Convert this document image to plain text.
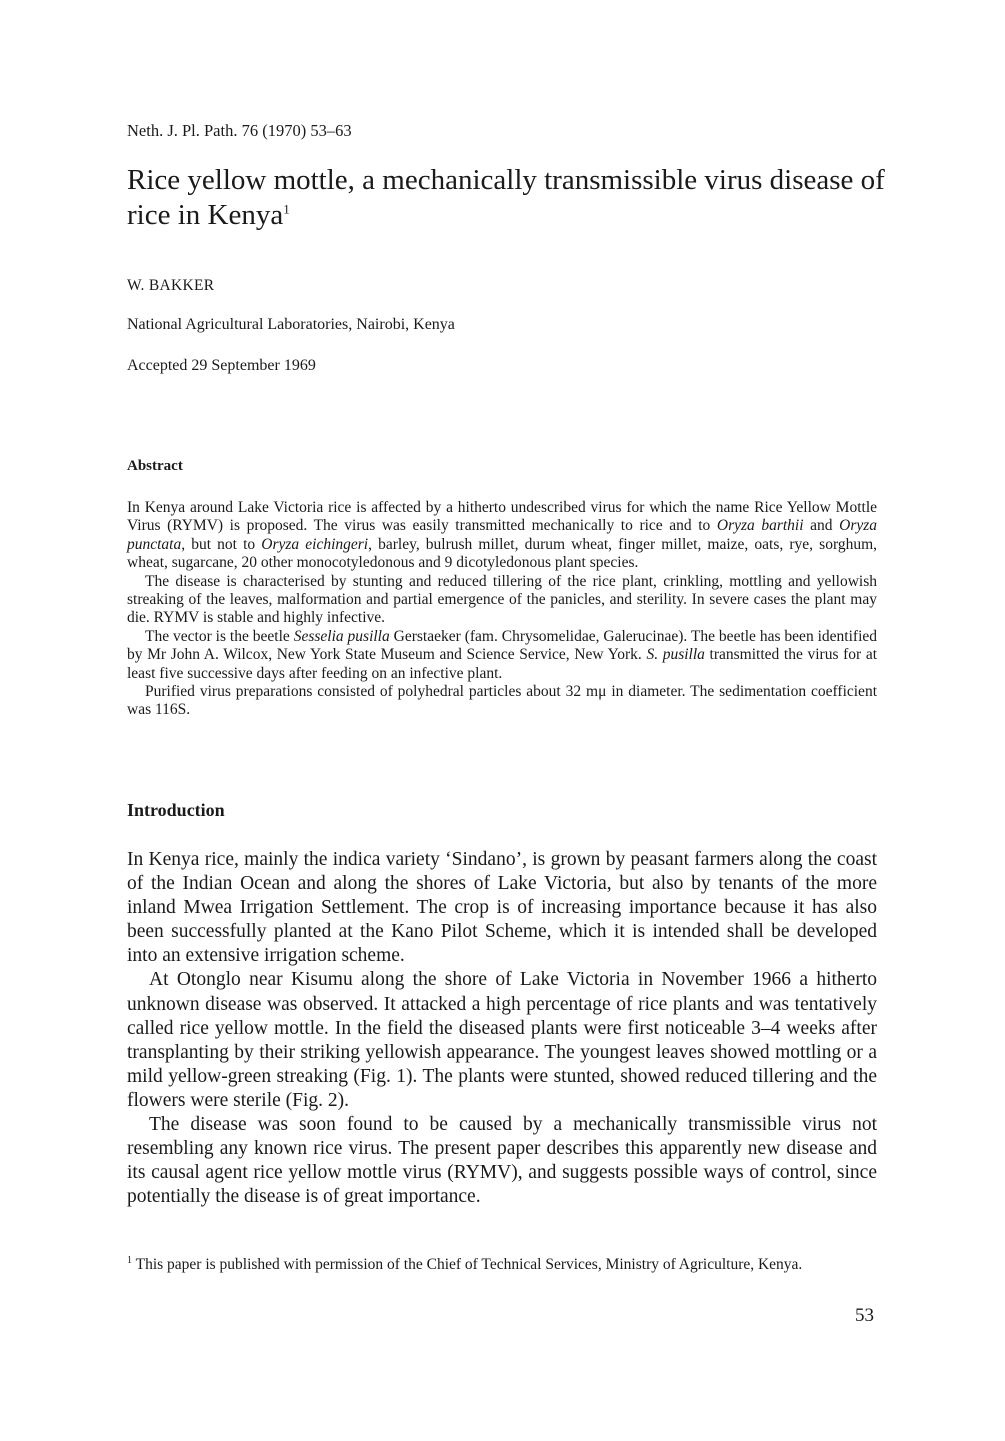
Neth. J. Pl. Path. 76 (1970) 53–63
Rice yellow mottle, a mechanically transmissible virus disease of rice in Kenya$^1$
W. BAKKER
National Agricultural Laboratories, Nairobi, Kenya
Accepted 29 September 1969
Abstract

In Kenya around Lake Victoria rice is affected by a hitherto undescribed virus for which the name Rice Yellow Mottle Virus (RYMV) is proposed. The virus was easily transmitted mechanically to rice and to Oryza barthii and Oryza punctata, but not to Oryza eichingeri, barley, bulrush millet, durum wheat, finger millet, maize, oats, rye, sorghum, wheat, sugarcane, 20 other monocotyledonous and 9 dicotyledonous plant species.

The disease is characterised by stunting and reduced tillering of the rice plant, crinkling, mottling and yellowish streaking of the leaves, malformation and partial emergence of the panicles, and sterility. In severe cases the plant may die. RYMV is stable and highly infective.

The vector is the beetle Sesselia pusilla Gerstaeker (fam. Chrysomelidae, Galerucinae). The beetle has been identified by Mr John A. Wilcox, New York State Museum and Science Service, New York. S. pusilla transmitted the virus for at least five successive days after feeding on an infective plant.

Purified virus preparations consisted of polyhedral particles about 32 mμ in diameter. The sedimentation coefficient was 116S.

Introduction

In Kenya rice, mainly the indica variety ‘Sindano’, is grown by peasant farmers along the coast of the Indian Ocean and along the shores of Lake Victoria, but also by tenants of the more inland Mwea Irrigation Settlement. The crop is of increasing importance because it has also been successfully planted at the Kano Pilot Scheme, which it is intended shall be developed into an extensive irrigation scheme.

At Otonglo near Kisumu along the shore of Lake Victoria in November 1966 a hitherto unknown disease was observed. It attacked a high percentage of rice plants and was tentatively called rice yellow mottle. In the field the diseased plants were first noticeable 3–4 weeks after transplanting by their striking yellowish appearance. The youngest leaves showed mottling or a mild yellow-green streaking (Fig. 1). The plants were stunted, showed reduced tillering and the flowers were sterile (Fig. 2).

The disease was soon found to be caused by a mechanically transmissible virus not resembling any known rice virus. The present paper describes this apparently new disease and its causal agent rice yellow mottle virus (RYMV), and suggests possible ways of control, since potentially the disease is of great importance.

$^1$ This paper is published with permission of the Chief of Technical Services, Ministry of Agriculture, Kenya.
53
